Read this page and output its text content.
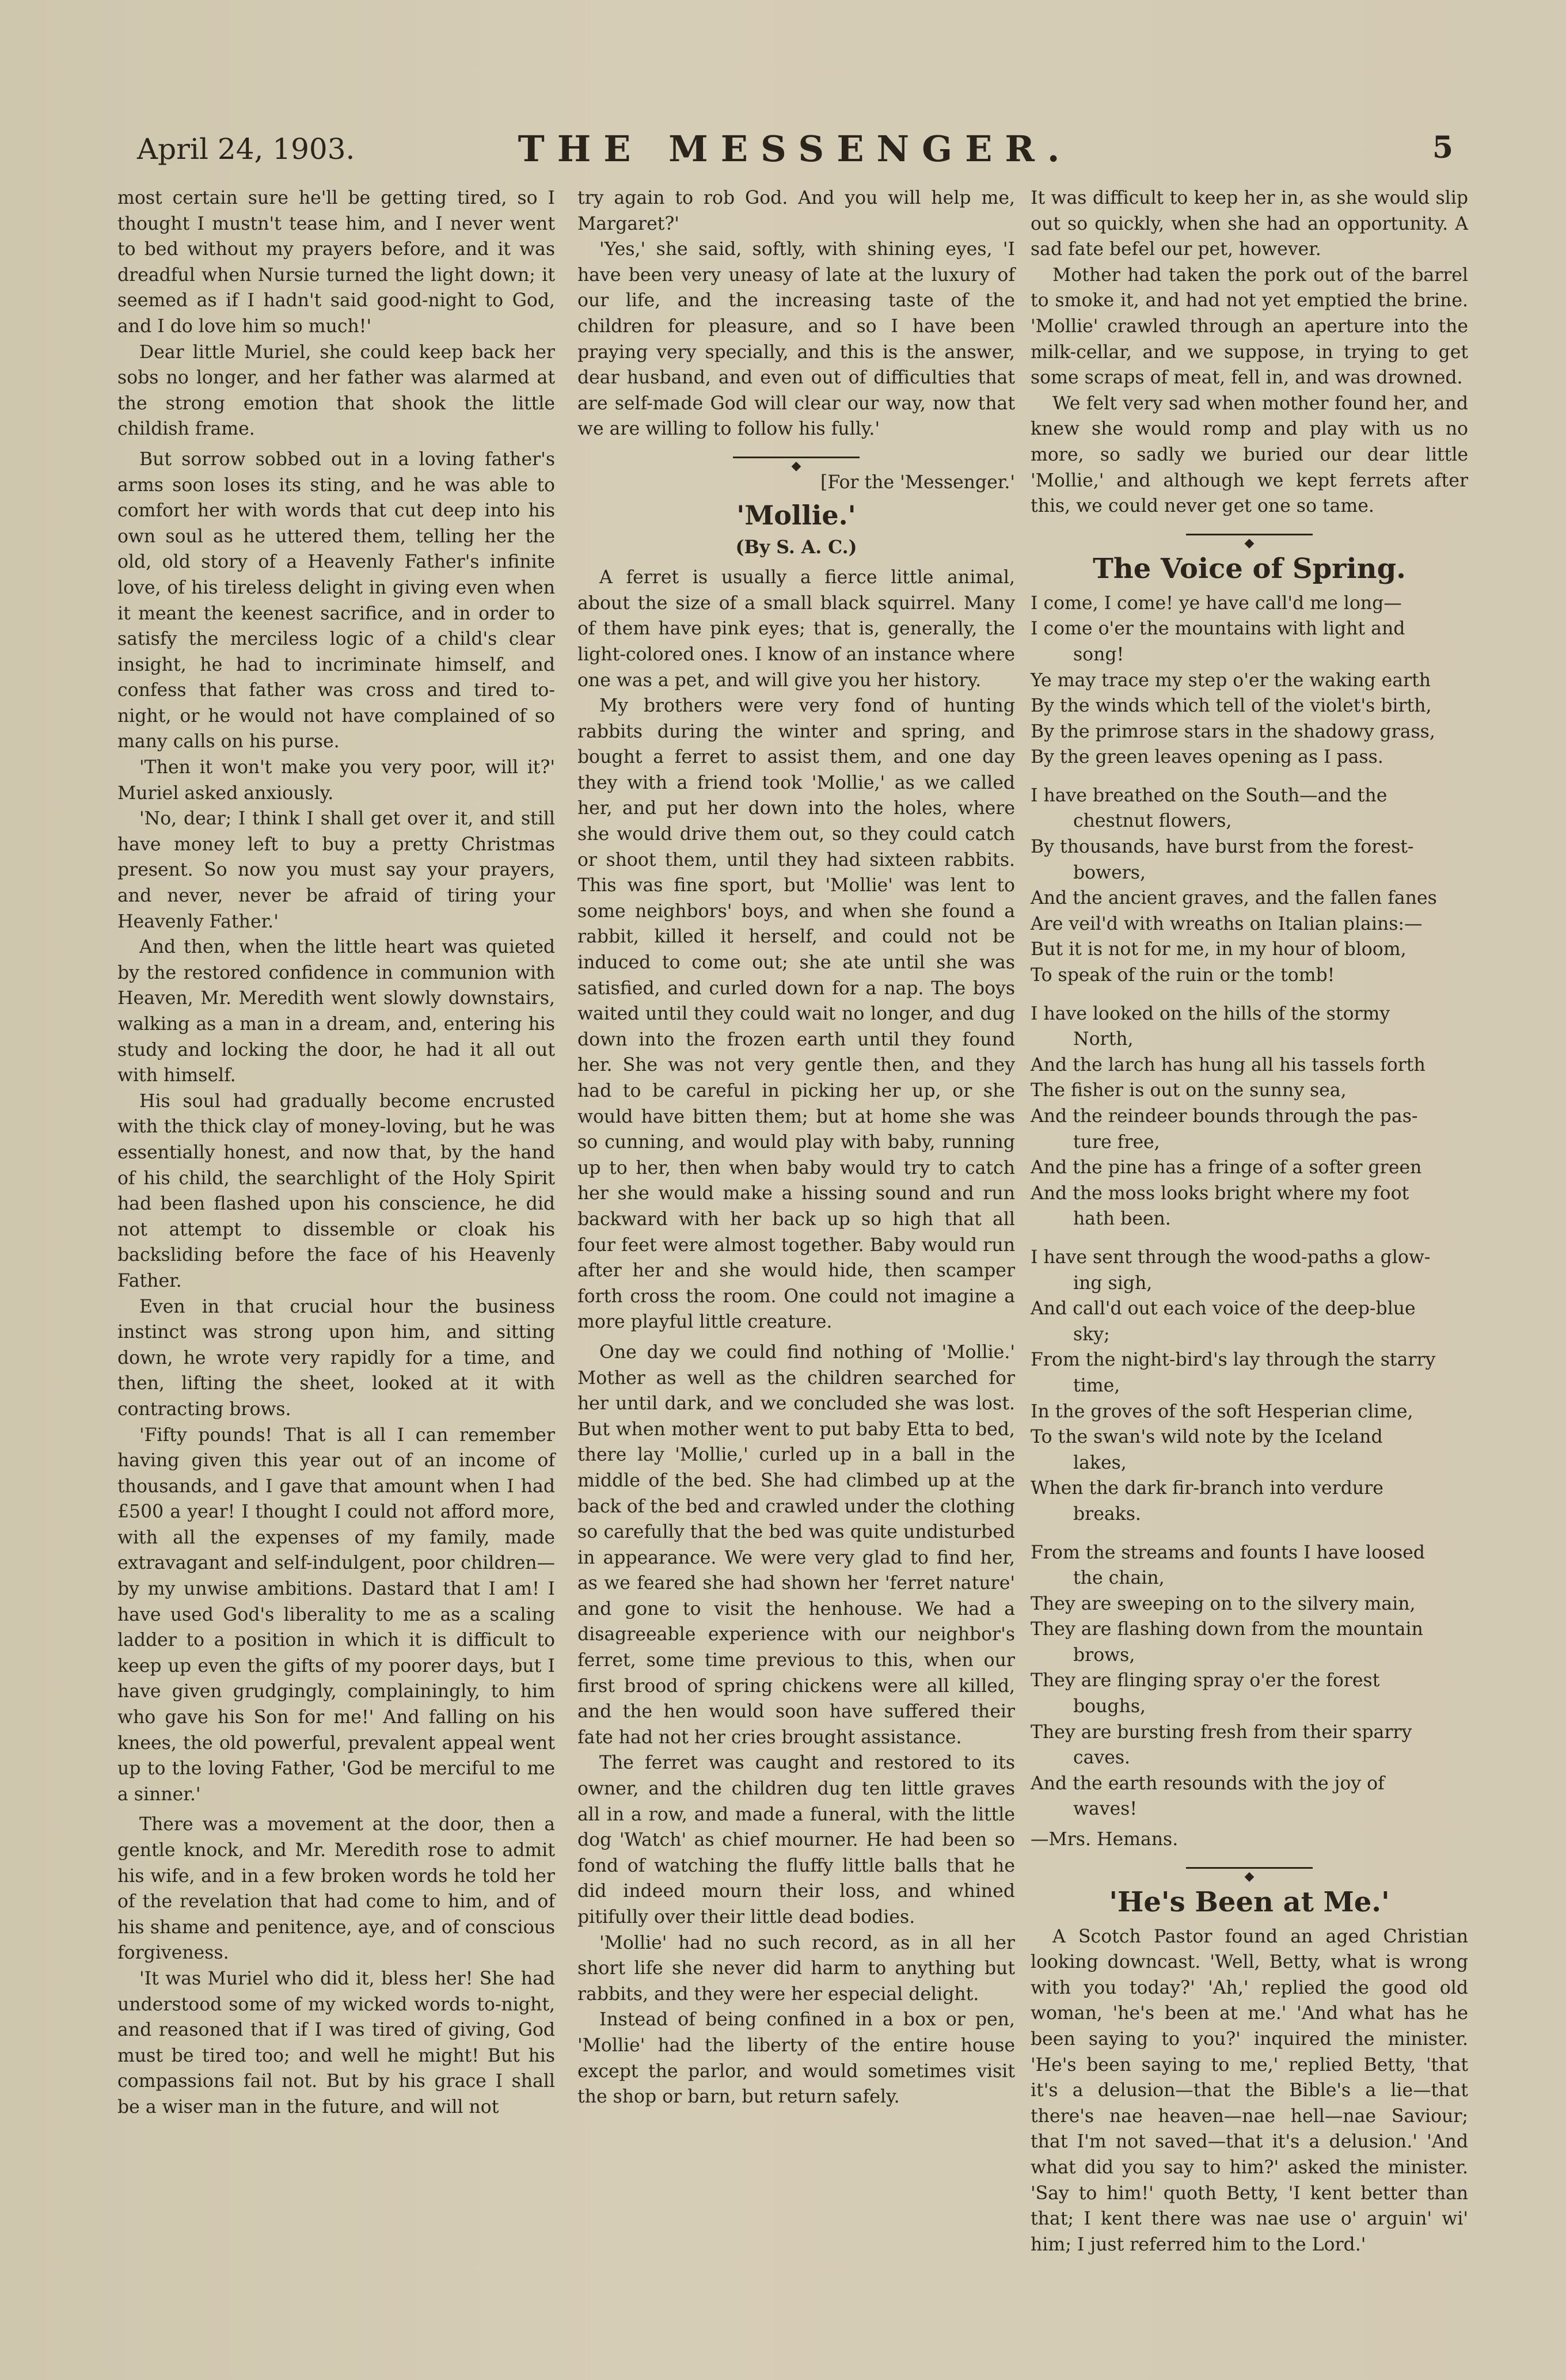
April 24, 1903.	THE MESSENGER.	5

most certain sure he'll be getting tired, so I thought I mustn't tease him, and I never went to bed without my prayers before, and it was dreadful when Nursie turned the light down; it seemed as if I hadn't said good-night to God, and I do love him so much!'

Dear little Muriel, she could keep back her sobs no longer, and her father was alarmed at the strong emotion that shook the little childish frame.

But sorrow sobbed out in a loving father's arms soon loses its sting, and he was able to comfort her with words that cut deep into his own soul as he uttered them, telling her the old, old story of a Heavenly Father's infinite love, of his tireless delight in giving even when it meant the keenest sacrifice, and in order to satisfy the merciless logic of a child's clear insight, he had to incriminate himself, and confess that father was cross and tired to-night, or he would not have complained of so many calls on his purse.

'Then it won't make you very poor, will it?' Muriel asked anxiously.

'No, dear; I think I shall get over it, and still have money left to buy a pretty Christmas present. So now you must say your prayers, and never, never be afraid of tiring your Heavenly Father.'

And then, when the little heart was quieted by the restored confidence in communion with Heaven, Mr. Meredith went slowly downstairs, walking as a man in a dream, and, entering his study and locking the door, he had it all out with himself.

His soul had gradually become encrusted with the thick clay of money-loving, but he was essentially honest, and now that, by the hand of his child, the searchlight of the Holy Spirit had been flashed upon his conscience, he did not attempt to dissemble or cloak his backsliding before the face of his Heavenly Father.

Even in that crucial hour the business instinct was strong upon him, and sitting down, he wrote very rapidly for a time, and then, lifting the sheet, looked at it with contracting brows.

'Fifty pounds! That is all I can remember having given this year out of an income of thousands, and I gave that amount when I had £500 a year! I thought I could not afford more, with all the expenses of my family, made extravagant and self-indulgent, poor children—by my unwise ambitions. Dastard that I am! I have used God's liberality to me as a scaling ladder to a position in which it is difficult to keep up even the gifts of my poorer days, but I have given grudgingly, complainingly, to him who gave his Son for me!' And falling on his knees, the old powerful, prevalent appeal went up to the loving Father, 'God be merciful to me a sinner.'

There was a movement at the door, then a gentle knock, and Mr. Meredith rose to admit his wife, and in a few broken words he told her of the revelation that had come to him, and of his shame and penitence, aye, and of conscious forgiveness.

'It was Muriel who did it, bless her! She had understood some of my wicked words to-night, and reasoned that if I was tired of giving, God must be tired too; and well he might! But his compassions fail not. But by his grace I shall be a wiser man in the future, and will not

try again to rob God. And you will help me, Margaret?'

'Yes,' she said, softly, with shining eyes, 'I have been very uneasy of late at the luxury of our life, and the increasing taste of the children for pleasure, and so I have been praying very specially, and this is the answer, dear husband, and even out of difficulties that are self-made God will clear our way, now that we are willing to follow his fully.'

◆
[For the 'Messenger.'
'Mollie.'
(By S. A. C.)

A ferret is usually a fierce little animal, about the size of a small black squirrel. Many of them have pink eyes; that is, generally, the light-colored ones. I know of an instance where one was a pet, and will give you her history.

My brothers were very fond of hunting rabbits during the winter and spring, and bought a ferret to assist them, and one day they with a friend took 'Mollie,' as we called her, and put her down into the holes, where she would drive them out, so they could catch or shoot them, until they had sixteen rabbits. This was fine sport, but 'Mollie' was lent to some neighbors' boys, and when she found a rabbit, killed it herself, and could not be induced to come out; she ate until she was satisfied, and curled down for a nap. The boys waited until they could wait no longer, and dug down into the frozen earth until they found her. She was not very gentle then, and they had to be careful in picking her up, or she would have bitten them; but at home she was so cunning, and would play with baby, running up to her, then when baby would try to catch her she would make a hissing sound and run backward with her back up so high that all four feet were almost together. Baby would run after her and she would hide, then scamper forth cross the room. One could not imagine a more playful little creature.

One day we could find nothing of 'Mollie.' Mother as well as the children searched for her until dark, and we concluded she was lost. But when mother went to put baby Etta to bed, there lay 'Mollie,' curled up in a ball in the middle of the bed. She had climbed up at the back of the bed and crawled under the clothing so carefully that the bed was quite undisturbed in appearance. We were very glad to find her, as we feared she had shown her 'ferret nature' and gone to visit the henhouse. We had a disagreeable experience with our neighbor's ferret, some time previous to this, when our first brood of spring chickens were all killed, and the hen would soon have suffered their fate had not her cries brought assistance.

The ferret was caught and restored to its owner, and the children dug ten little graves all in a row, and made a funeral, with the little dog 'Watch' as chief mourner. He had been so fond of watching the fluffy little balls that he did indeed mourn their loss, and whined pitifully over their little dead bodies.

'Mollie' had no such record, as in all her short life she never did harm to anything but rabbits, and they were her especial delight.

Instead of being confined in a box or pen, 'Mollie' had the liberty of the entire house except the parlor, and would sometimes visit the shop or barn, but return safely.

It was difficult to keep her in, as she would slip out so quickly, when she had an opportunity. A sad fate befel our pet, however.

Mother had taken the pork out of the barrel to smoke it, and had not yet emptied the brine. 'Mollie' crawled through an aperture into the milk-cellar, and we suppose, in trying to get some scraps of meat, fell in, and was drowned.

We felt very sad when mother found her, and knew she would romp and play with us no more, so sadly we buried our dear little 'Mollie,' and although we kept ferrets after this, we could never get one so tame.

◆
The Voice of Spring.
I come, I come! ye have call'd me long—
I come o'er the mountains with light and
song!
Ye may trace my step o'er the waking earth
By the winds which tell of the violet's birth,
By the primrose stars in the shadowy grass,
By the green leaves opening as I pass.
I have breathed on the South—and the
chestnut flowers,
By thousands, have burst from the forest-
bowers,
And the ancient graves, and the fallen fanes
Are veil'd with wreaths on Italian plains:—
But it is not for me, in my hour of bloom,
To speak of the ruin or the tomb!
I have looked on the hills of the stormy
North,
And the larch has hung all his tassels forth
The fisher is out on the sunny sea,
And the reindeer bounds through the pas-
ture free,
And the pine has a fringe of a softer green
And the moss looks bright where my foot
hath been.
I have sent through the wood-paths a glow-
ing sigh,
And call'd out each voice of the deep-blue
sky;
From the night-bird's lay through the starry
time,
In the groves of the soft Hesperian clime,
To the swan's wild note by the Iceland
lakes,
When the dark fir-branch into verdure
breaks.
From the streams and founts I have loosed
the chain,
They are sweeping on to the silvery main,
They are flashing down from the mountain
brows,
They are flinging spray o'er the forest
boughs,
They are bursting fresh from their sparry
caves.
And the earth resounds with the joy of
waves!
—Mrs. Hemans.
◆
'He's Been at Me.'

A Scotch Pastor found an aged Christian looking downcast. 'Well, Betty, what is wrong with you today?' 'Ah,' replied the good old woman, 'he's been at me.' 'And what has he been saying to you?' inquired the minister. 'He's been saying to me,' replied Betty, 'that it's a delusion—that the Bible's a lie—that there's nae heaven—nae hell—nae Saviour; that I'm not saved—that it's a delusion.' 'And what did you say to him?' asked the minister. 'Say to him!' quoth Betty, 'I kent better than that; I kent there was nae use o' arguin' wi' him; I just referred him to the Lord.'
